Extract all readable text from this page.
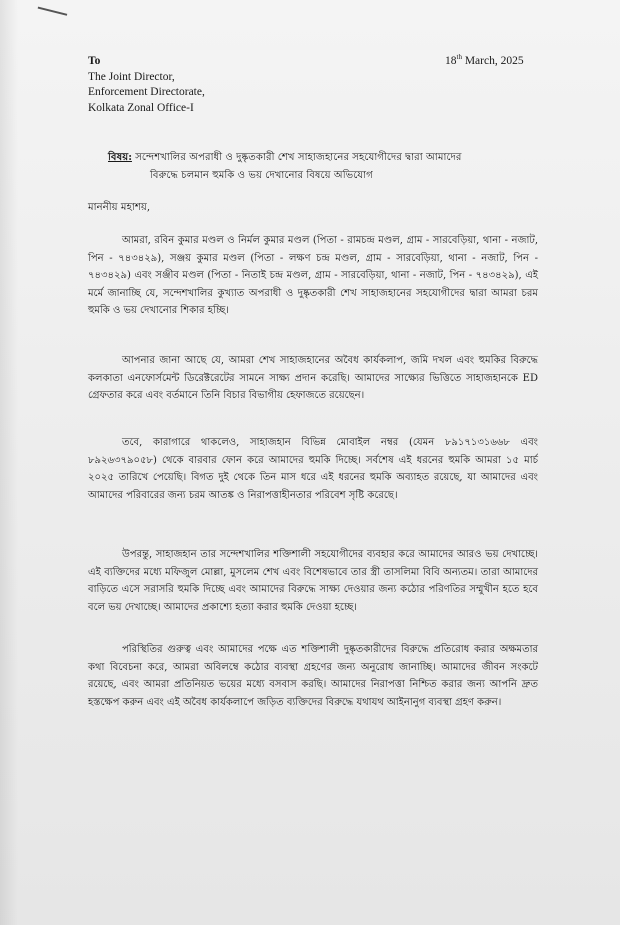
To
The Joint Director,
Enforcement Directorate,
Kolkata Zonal Office-I
18th March, 2025
বিষয়: সন্দেশখালির অপরাধী ও দুষ্কৃতকারী শেখ সাহাজহানের সহযোগীদের দ্বারা আমাদের
বিরুদ্ধে চলমান হুমকি ও ভয় দেখানোর বিষয়ে অভিযোগ
মাননীয় মহাশয়,
আমরা, রবিন কুমার মণ্ডল ও নির্মল কুমার মণ্ডল (পিতা - রামচন্দ্র মণ্ডল, গ্রাম - সারবেড়িয়া, থানা - নজাট, পিন - ৭৪৩৪২৯), সঞ্জয় কুমার মণ্ডল (পিতা - লক্ষণ চন্দ্র মণ্ডল, গ্রাম - সারবেড়িয়া, থানা - নজাট, পিন - ৭৪৩৪২৯) এবং সঞ্জীব মণ্ডল (পিতা - নিতাই চন্দ্র মণ্ডল, গ্রাম - সারবেড়িয়া, থানা - নজাট, পিন - ৭৪৩৪২৯), এই মর্মে জানাচ্ছি যে, সন্দেশখালির কুখ্যাত অপরাধী ও দুষ্কৃতকারী শেখ সাহাজহানের সহযোগীদের দ্বারা আমরা চরম হুমকি ও ভয় দেখানোর শিকার হচ্ছি।
আপনার জানা আছে যে, আমরা শেখ সাহাজহানের অবৈধ কার্যকলাপ, জমি দখল এবং হুমকির বিরুদ্ধে কলকাতা এনফোর্সমেন্ট ডিরেক্টরেটের সামনে সাক্ষ্য প্রদান করেছি। আমাদের সাক্ষ্যের ভিত্তিতে সাহাজহানকে ED গ্রেফতার করে এবং বর্তমানে তিনি বিচার বিভাগীয় হেফাজতে রয়েছেন।
তবে, কারাগারে থাকলেও, সাহাজহান বিভিন্ন মোবাইল নম্বর (যেমন ৮৯১৭১৩১৬৬৮ এবং ৮৯২৬৩৭৯০৫৮) থেকে বারবার ফোন করে আমাদের হুমকি দিচ্ছে। সর্বশেষ এই ধরনের হুমকি আমরা ১৫ মার্চ ২০২৫ তারিখে পেয়েছি। বিগত দুই থেকে তিন মাস ধরে এই ধরনের হুমকি অব্যাহত রয়েছে, যা আমাদের এবং আমাদের পরিবারের জন্য চরম আতঙ্ক ও নিরাপত্তাহীনতার পরিবেশ সৃষ্টি করেছে।
উপরন্তু, সাহাজহান তার সন্দেশখালির শক্তিশালী সহযোগীদের ব্যবহার করে আমাদের আরও ভয় দেখাচ্ছে। এই ব্যক্তিদের মধ্যে মফিজুল মোল্লা, মুসলেম শেখ এবং বিশেষভাবে তার স্ত্রী তাসলিমা বিবি অন্যতম। তারা আমাদের বাড়িতে এসে সরাসরি হুমকি দিচ্ছে এবং আমাদের বিরুদ্ধে সাক্ষ্য দেওয়ার জন্য কঠোর পরিণতির সম্মুখীন হতে হবে বলে ভয় দেখাচ্ছে। আমাদের প্রকাশ্যে হত্যা করার হুমকি দেওয়া হচ্ছে।
পরিস্থিতির গুরুত্ব এবং আমাদের পক্ষে এত শক্তিশালী দুষ্কৃতকারীদের বিরুদ্ধে প্রতিরোধ করার অক্ষমতার কথা বিবেচনা করে, আমরা অবিলম্বে কঠোর ব্যবস্থা গ্রহণের জন্য অনুরোধ জানাচ্ছি। আমাদের জীবন সংকটে রয়েছে, এবং আমরা প্রতিনিয়ত ভয়ের মধ্যে বসবাস করছি। আমাদের নিরাপত্তা নিশ্চিত করার জন্য আপনি দ্রুত হস্তক্ষেপ করুন এবং এই অবৈধ কার্যকলাপে জড়িত ব্যক্তিদের বিরুদ্ধে যথাযথ আইনানুগ ব্যবস্থা গ্রহণ করুন।
